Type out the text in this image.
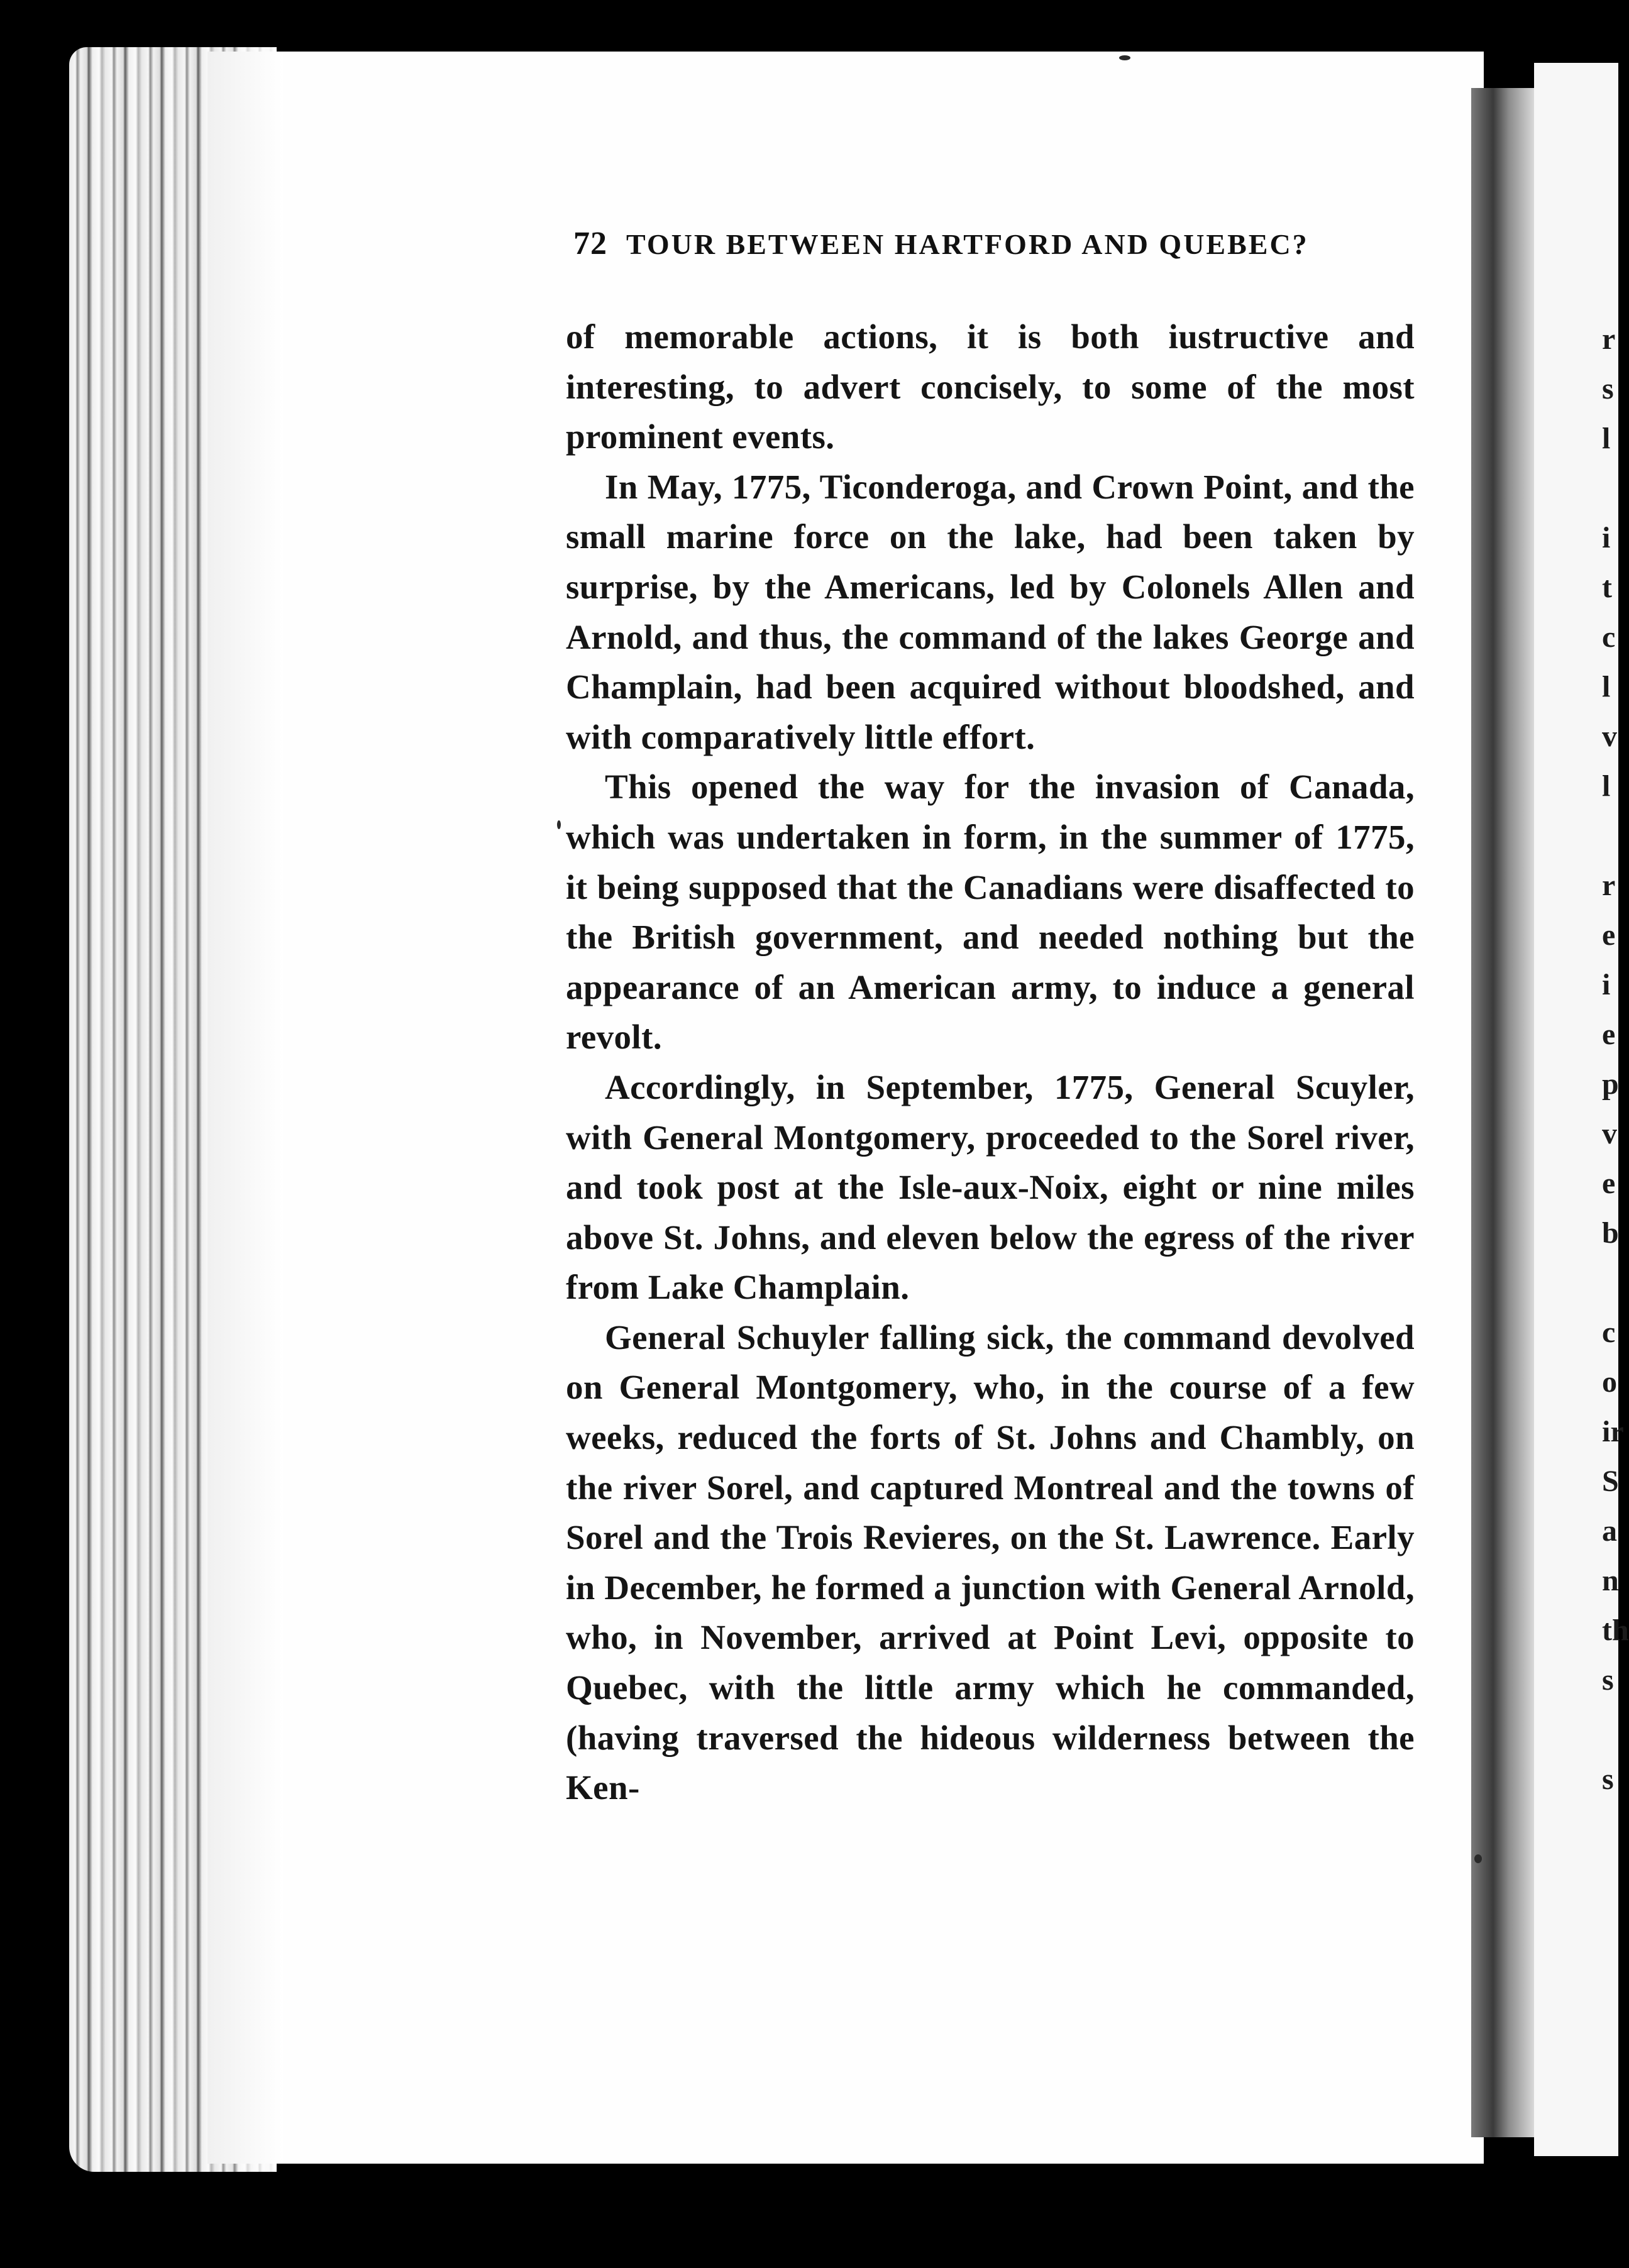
r
s
l

i
t
c
l
v
l

r
e
i
e
p
v
e
b

c
o
ir
S
a
n
th
s

s
72 TOUR BETWEEN HARTFORD AND QUEBEC?

of memorable actions, it is both iustructive and interesting, to advert concisely, to some of the most prominent events.

In May, 1775, Ticonderoga, and Crown Point, and the small marine force on the lake, had been taken by surprise, by the Americans, led by Colonels Allen and Arnold, and thus, the command of the lakes George and Champlain, had been acquired without bloodshed, and with comparatively little effort.

This opened the way for the invasion of Canada, which was undertaken in form, in the summer of 1775, it being supposed that the Canadians were disaffected to the British government, and needed nothing but the appearance of an American army, to induce a general revolt.

Accordingly, in September, 1775, General Scuyler, with General Montgomery, proceeded to the Sorel river, and took post at the Isle-aux-Noix, eight or nine miles above St. Johns, and eleven below the egress of the river from Lake Champlain.

General Schuyler falling sick, the command devolved on General Montgomery, who, in the course of a few weeks, reduced the forts of St. Johns and Chambly, on the river Sorel, and captured Montreal and the towns of Sorel and the Trois Revieres, on the St. Lawrence. Early in December, he formed a junction with General Arnold, who, in November, arrived at Point Levi, opposite to Quebec, with the little army which he commanded, (having traversed the hideous wilderness between the Ken-
